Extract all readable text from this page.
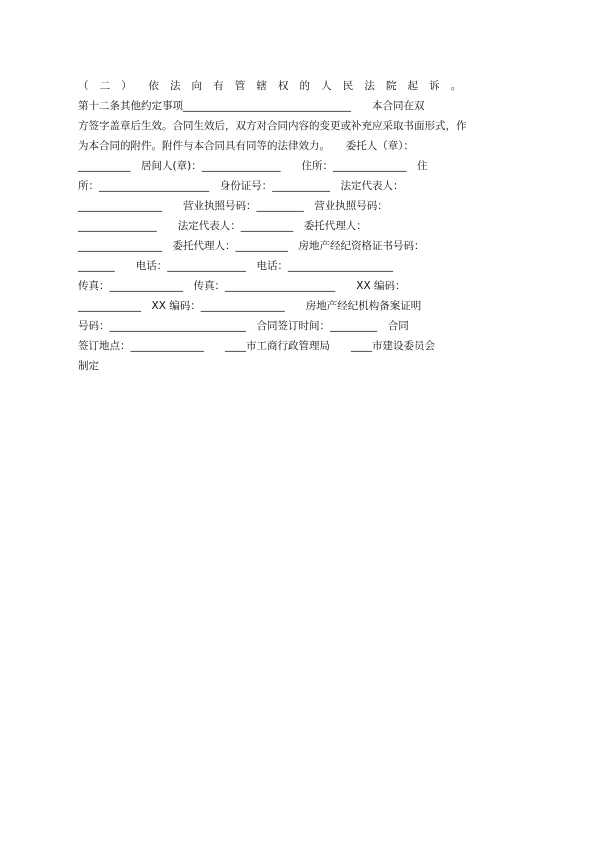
（　二　）　　依　法　向　有　管　辖　权　的　人　民　法　院　起　诉　。
第十二条其他约定事项________________________________　　本合同在双
方签字盖章后生效。合同生效后，双方对合同内容的变更或补充应采取书面形式，作
为本合同的附件。附件与本合同具有同等的法律效力。　　委托人（章）：
__________　居间人(章)：_______________　　住所：______________　住
所：_____________________　身份证号：___________　法定代表人：
________________　　营业执照号码：_________　营业执照号码：
_______________　　法定代表人：__________　委托代理人：
________________　委托代理人：__________　房地产经纪资格证书号码：
_______　　电话：_______________　电话：____________________
传真：______________　传真：_____________________　　XX 编码：
____________　XX 编码：________________　　房地产经纪机构备案证明
号码：__________________________　合同签订时间：_________　合同
签订地点：______________　　____市工商行政管理局　　____市建设委员会
制定
